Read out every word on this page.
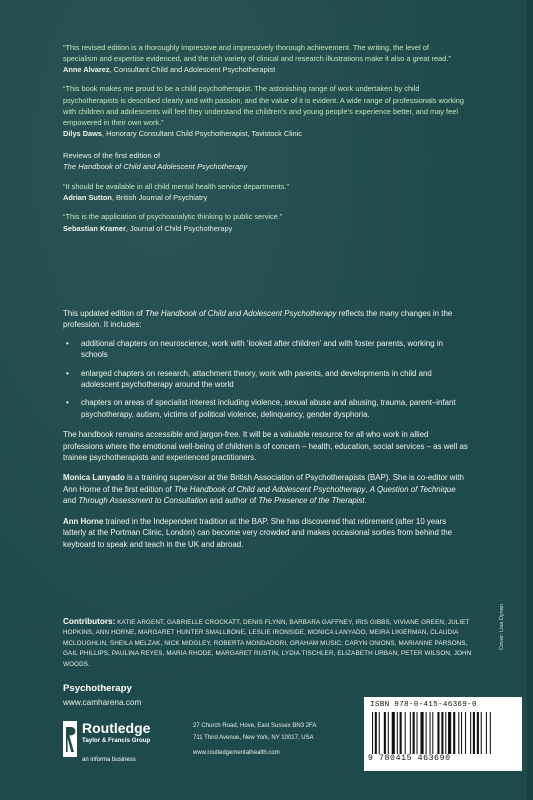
“This revised edition is a thoroughly impressive and impressively thorough achievement. The writing, the level of specialism and expertise evidenced, and the rich variety of clinical and research illustrations make it also a great read.”

Anne Alvarez, Consultant Child and Adolescent Psychotherapist

“This book makes me proud to be a child psychotherapist. The astonishing range of work undertaken by child psychotherapists is described clearly and with passion, and the value of it is evident. A wide range of professionals working with children and adolescents will feel they understand the children’s and young people’s experience better, and may feel empowered in their own work.”

Dilys Daws, Honorary Consultant Child Psychotherapist, Tavistock Clinic

Reviews of the first edition of
The Handbook of Child and Adolescent Psychotherapy

“It should be available in all child mental health service departments.”

Adrian Sutton, British Journal of Psychiatry

“This is the application of psychoanalytic thinking to public service.”

Sebastian Kramer, Journal of Child Psychotherapy

This updated edition of The Handbook of Child and Adolescent Psychotherapy reflects the many changes in the profession. It includes:

• additional chapters on neuroscience, work with ‘looked after children’ and with foster parents, working in schools
• enlarged chapters on research, attachment theory, work with parents, and developments in child and adolescent psychotherapy around the world
• chapters on areas of specialist interest including violence, sexual abuse and abusing, trauma, parent–infant psychotherapy, autism, victims of political violence, delinquency, gender dysphoria.

The handbook remains accessible and jargon-free. It will be a valuable resource for all who work in allied professions where the emotional well-being of children is of concern – health, education, social services – as well as trainee psychotherapists and experienced practitioners.

Monica Lanyado is a training supervisor at the British Association of Psychotherapists (BAP). She is co-editor with Ann Horne of the first edition of The Handbook of Child and Adolescent Psychotherapy, A Question of Technique and Through Assessment to Consultation and author of The Presence of the Therapist.

Ann Horne trained in the Independent tradition at the BAP. She has discovered that retirement (after 10 years latterly at the Portman Clinic, London) can become very crowded and makes occasional sorties from behind the keyboard to speak and teach in the UK and abroad.

Contributors: KATIE ARGENT, GABRIELLE CROCKATT, DENIS FLYNN, BARBARA GAFFNEY, IRIS GIBBS, VIVIANE GREEN, JULIET HOPKINS, ANN HORNE, MARGARET HUNTER SMALLBONE, LESLIE IRONSIDE, MONICA LANYADO, MEIRA LIKIERMAN, CLAUDIA MCLOUGHLIN, SHEILA MELZAK, NICK MIDGLEY, ROBERTA MONDADORI, GRAHAM MUSIC, CARYN ONIONS, MARIANNE PARSONS, GAIL PHILLIPS, PAULINA REYES, MARIA RHODE, MARGARET RUSTIN, LYDIA TISCHLER, ELIZABETH URBAN, PETER WILSON, JOHN WOODS.
Psychotherapy
www.camharena.com
Routledge
Taylor & Francis Group
an informa business
27 Church Road, Hove, East Sussex BN3 2FA
711 Third Avenue, New York, NY 10017, USA
www.routledgementalhealth.com
ISBN 978-0-415-46369-0
9 780415 463690
Cover: Lisa Dynan
